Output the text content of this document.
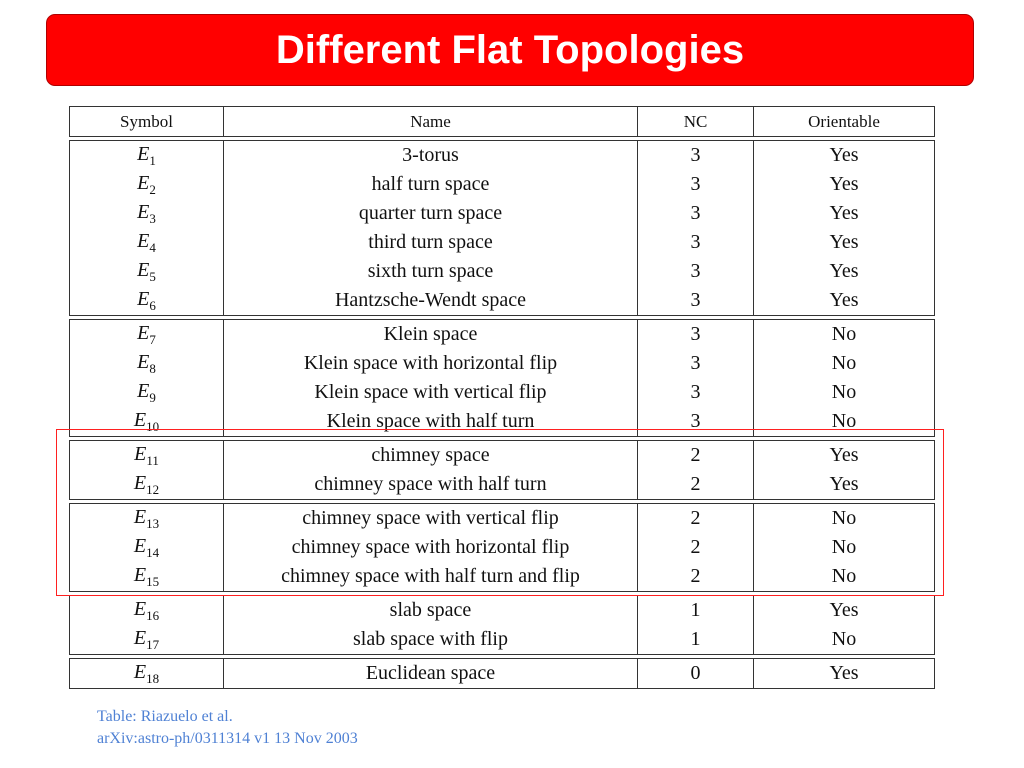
Different Flat Topologies
Symbol	Name	NC	Orientable

$E_1$	3-torus	3	Yes
$E_2$	half turn space	3	Yes
$E_3$	quarter turn space	3	Yes
$E_4$	third turn space	3	Yes
$E_5$	sixth turn space	3	Yes
$E_6$	Hantzsche-Wendt space	3	Yes

$E_7$	Klein space	3	No
$E_8$	Klein space with horizontal flip	3	No
$E_9$	Klein space with vertical flip	3	No
$E_{10}$	Klein space with half turn	3	No

$E_{11}$	chimney space	2	Yes
$E_{12}$	chimney space with half turn	2	Yes

$E_{13}$	chimney space with vertical flip	2	No
$E_{14}$	chimney space with horizontal flip	2	No
$E_{15}$	chimney space with half turn and flip	2	No

$E_{16}$	slab space	1	Yes
$E_{17}$	slab space with flip	1	No

$E_{18}$	Euclidean space	0	Yes
Table: Riazuelo et al.
arXiv:astro-ph/0311314 v1 13 Nov 2003
